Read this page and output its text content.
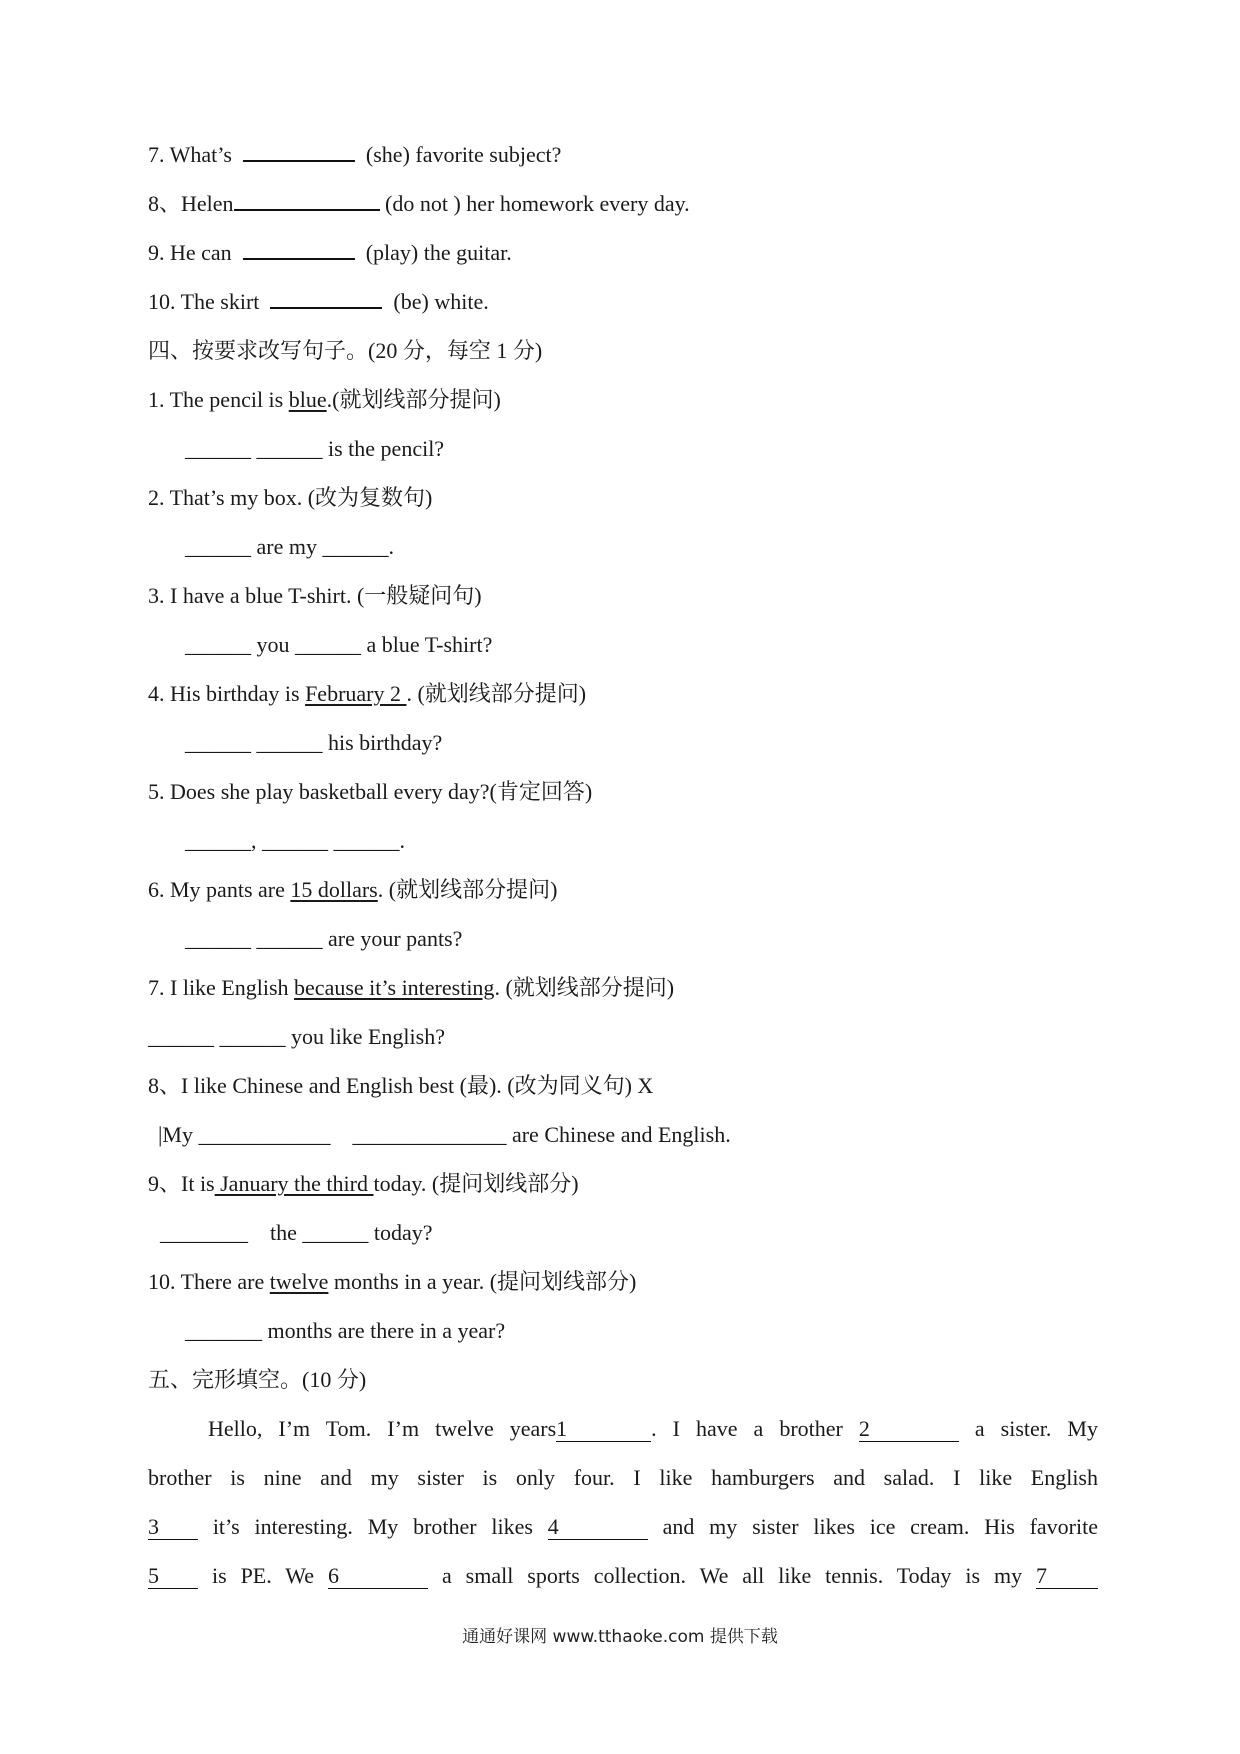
7. What’s	(she) favorite subject?
8、Helen	(do not ) her homework every day.
9. He can	(play) the guitar.
10. The skirt	(be) white.
四、按要求改写句子。(20 分，每空 1 分)
1. The pencil is blue.(就划线部分提问)
______ ______ is the pencil?
2. That’s my box. (改为复数句)
______ are my ______.
3. I have a blue T-shirt. (一般疑问句)
______ you ______ a blue T-shirt?
4. His birthday is February 2 . (就划线部分提问)
______ ______ his birthday?
5. Does she play basketball every day?(肯定回答)
______, ______ ______.
6. My pants are 15 dollars. (就划线部分提问)
______ ______ are your pants?
7. I like English because it’s interesting. (就划线部分提问)
______ ______ you like English?
8、I like Chinese and English best (最). (改为同义句) X
|My ____________    ______________ are Chinese and English.
9、It is January the third today. (提问划线部分)
________    the ______ today?
10. There are twelve months in a year. (提问划线部分)
_______ months are there in a year?
五、完形填空。(10 分)
Hello, I’m Tom. I’m twelve years1	. I have a brother 2	a sister. My
brother is nine and my sister is only four. I like hamburgers and salad. I like English
3 it’s interesting. My brother likes 4	and my sister likes ice cream. His favorite
5 is PE. We 6	a small sports collection. We all like tennis. Today is my 7
通通好课网 www.tthaoke.com 提供下载
